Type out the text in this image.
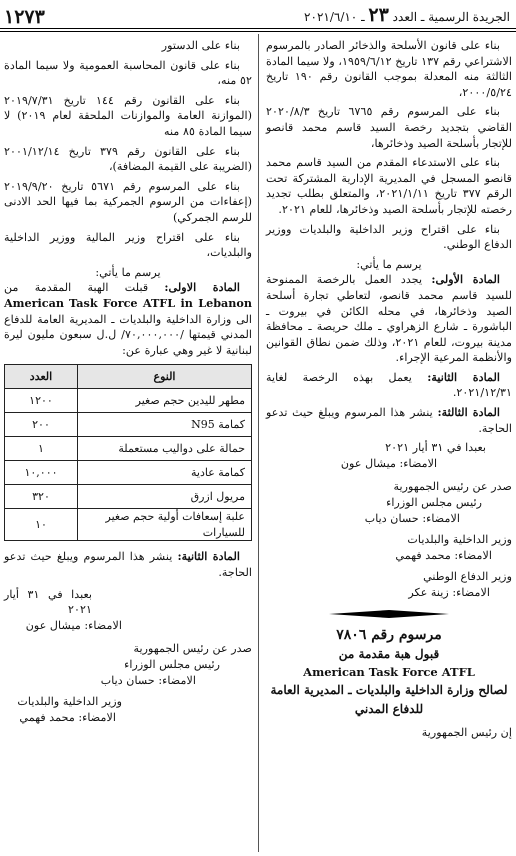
١٢٧٣	الجريدة الرسمية ـ العدد ٢٣ ـ ٢٠٢١/٦/١٠

بناء على قانون الأسلحة والذخائر الصادر بالمرسوم الاشتراعي رقم ١٣٧ تاريخ ١٩٥٩/٦/١٢، ولا سيما المادة الثالثة منه المعدلة بموجب القانون رقم ١٩٠ تاريخ ٢٠٠٠/٥/٢٤،

بناء على المرسوم رقم ٦٧٦٥ تاريخ ٢٠٢٠/٨/٣ القاضي بتجديد رخصة السيد قاسم محمد قانصو للإتجار بأسلحة الصيد وذخائرها،

بناء على الاستدعاء المقدم من السيد قاسم محمد قانصو المسجل في المديرية الإدارية المشتركة تحت الرقم ٣٧٧ تاريخ ٢٠٢١/١/١١، والمتعلق بطلب تجديد رخصته للإتجار بأسلحة الصيد وذخائرها، للعام ٢٠٢١.

بناء على اقتراح وزير الداخلية والبلديات ووزير الدفاع الوطني.

يرسم ما يأتي:

المادة الأولى: يجدد العمل بالرخصة الممنوحة للسيد قاسم محمد قانصو، لتعاطي تجارة أسلحة الصيد وذخائرها، في محله الكائن في بيروت ـ الباشورة ـ شارع الزهراوي ـ ملك حريصة ـ محافظة مدينة بيروت، للعام ٢٠٢١، وذلك ضمن نطاق القوانين والأنظمة المرعية الإجراء.

المادة الثانية: يعمل بهذه الرخصة لغاية ٢٠٢١/١٢/٣١.

المادة الثالثة: ينشر هذا المرسوم ويبلغ حيث تدعو الحاجة.

بعبدا في ٣١ أيار ٢٠٢١

الامضاء: ميشال عون

صدر عن رئيس الجمهورية

رئيس مجلس الوزراء

الامضاء: حسان دياب

وزير الداخلية والبلديات

الامضاء: محمد فهمي

وزير الدفاع الوطني

الامضاء: زينة عكر

مرسوم رقم ٧٨٠٦
قبول هبة مقدمة من
American Task Force ATFL
لصالح وزارة الداخلية والبلديات ـ المديرية العامة للدفاع المدني

إن رئيس الجمهورية

بناء على الدستور

بناء على قانون المحاسبة العمومية ولا سيما المادة ٥٢ منه،

بناء على القانون رقم ١٤٤ تاريخ ٢٠١٩/٧/٣١ (الموازنة العامة والموازنات الملحقة لعام ٢٠١٩) لا سيما المادة ٨٥ منه

بناء على القانون رقم ٣٧٩ تاريخ ٢٠٠١/١٢/١٤ (الضريبة على القيمة المضافة)،

بناء على المرسوم رقم ٥٦٧١ تاريخ ٢٠١٩/٩/٢٠ (إعفاءات من الرسوم الجمركية بما فيها الحد الادنى للرسم الجمركي)

بناء على اقتراح وزير المالية ووزير الداخلية والبلديات،

يرسم ما يأتي:

المادة الاولى: قبلت الهبة المقدمة من American Task Force ATFL in Lebanon الى وزارة الداخلية والبلديات ـ المديرية العامة للدفاع المدني قيمتها /٧٠,٠٠٠,٠٠٠/ ل.ل سبعون مليون ليرة لبنانية لا غير وهي عبارة عن:

النوع	العدد
مطهر لليدين حجم صغير	١٢٠٠
كمامة N95	٢٠٠
حمالة على دواليب مستعملة	١
كمامة عادية	١٠,٠٠٠
مريول ازرق	٣٢٠
علبة إسعافات أولية حجم صغير للسيارات	١٠

المادة الثانية: ينشر هذا المرسوم ويبلغ حيث تدعو الحاجة.

بعبدا في ٣١ أيار ٢٠٢١

الامضاء: ميشال عون

صدر عن رئيس الجمهورية

رئيس مجلس الوزراء

الامضاء: حسان دياب

وزير الداخلية والبلديات

الامضاء: محمد فهمي
